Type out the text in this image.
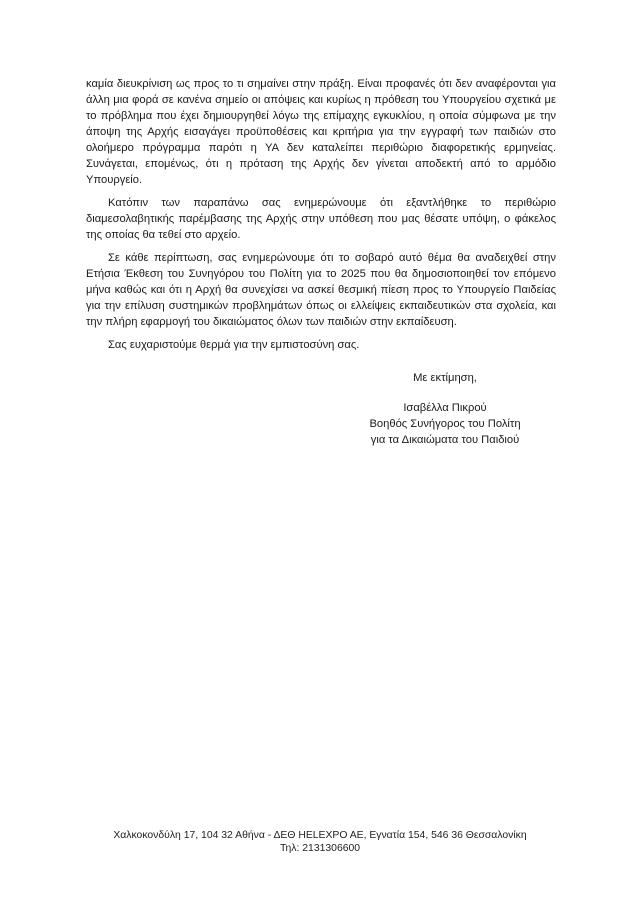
καμία διευκρίνιση ως προς το τι σημαίνει στην πράξη. Είναι προφανές ότι δεν αναφέρονται για άλλη μια φορά σε κανένα σημείο οι απόψεις και κυρίως η πρόθεση του Υπουργείου σχετικά με το πρόβλημα που έχει δημιουργηθεί λόγω της επίμαχης εγκυκλίου, η οποία σύμφωνα με την άποψη της Αρχής εισαγάγει προϋποθέσεις και κριτήρια για την εγγραφή των παιδιών στο ολοήμερο πρόγραμμα παρότι η ΥΑ δεν καταλείπει περιθώριο διαφορετικής ερμηνείας. Συνάγεται, επομένως, ότι η πρόταση της Αρχής δεν γίνεται αποδεκτή από το αρμόδιο Υπουργείο.

Κατόπιν των παραπάνω σας ενημερώνουμε ότι εξαντλήθηκε το περιθώριο διαμεσολαβητικής παρέμβασης της Αρχής στην υπόθεση που μας θέσατε υπόψη, ο φάκελος της οποίας θα τεθεί στο αρχείο.

Σε κάθε περίπτωση, σας ενημερώνουμε ότι το σοβαρό αυτό θέμα θα αναδειχθεί στην Ετήσια Έκθεση του Συνηγόρου του Πολίτη για το 2025 που θα δημοσιοποιηθεί τον επόμενο μήνα καθώς και ότι η Αρχή θα συνεχίσει να ασκεί θεσμική πίεση προς το Υπουργείο Παιδείας για την επίλυση συστημικών προβλημάτων όπως οι ελλείψεις εκπαιδευτικών στα σχολεία, και την πλήρη εφαρμογή του δικαιώματος όλων των παιδιών στην εκπαίδευση.

Σας ευχαριστούμε θερμά για την εμπιστοσύνη σας.

Με εκτίμηση,
Ισαβέλλα Πικρού
Βοηθός Συνήγορος του Πολίτη
για τα Δικαιώματα του Παιδιού
Χαλκοκονδύλη 17, 104 32 Αθήνα - ΔΕΘ HELEXPO AE, Εγνατία 154, 546 36 Θεσσαλονίκη
Τηλ: 2131306600
